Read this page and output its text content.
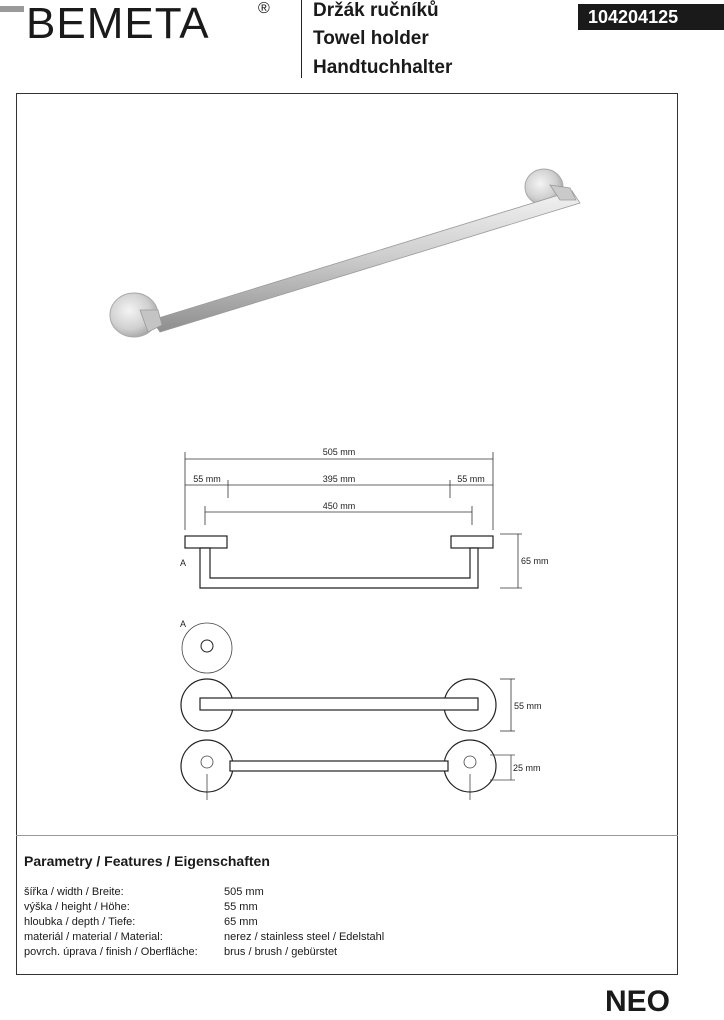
BEMETA	® Držák ručníků
Towel holder
Handtuchhalter
104204125
505 mm
55 mm	395 mm	55 mm
450 mm
A	65 mm
A
55 mm
25 mm
Parametry / Features / Eigenschaften
šířka / width / Breite:	505 mm
výška / height / Höhe:	55 mm
hloubka / depth / Tiefe:	65 mm
materiál / material / Material:	nerez / stainless steel / Edelstahl
povrch. úprava / finish / Oberfläche: brus / brush / gebürstet
NEO
